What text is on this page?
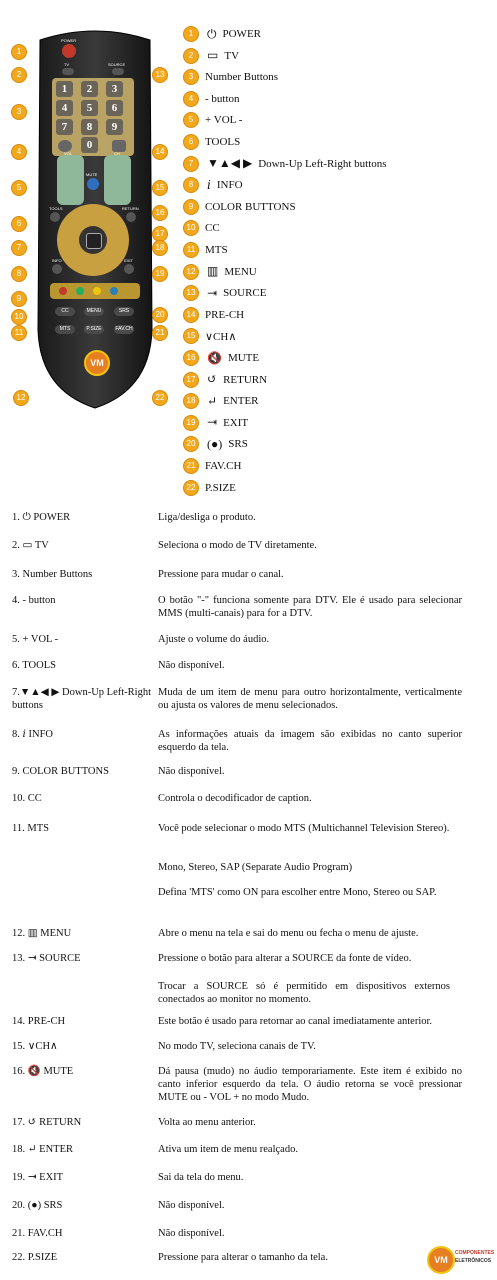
POWER
TV	SOURCE
1	2	3
4	5	6
7	8	9
0
MUTE
VOL	CH
TOOLS	RETURN
INFO	EXIT
CC	MENU	SRS
MTS	P.SIZE	FAV.CH
VM
1
2
3
4
5
6
7
8
9
10
11
12
13
14
15
16
17
18
19
20
21
22
1	⏻ POWER
2	▭ TV
3	Number Buttons
4	- button
5	+ VOL -
6	TOOLS
7	▼▲◀ ▶ Down-Up Left-Right buttons
8	𝑖 INFO
9	COLOR BUTTONS
10 CC
11 MTS
12 ▥ MENU
13 ⇥ SOURCE
14 PRE-CH
15 ∨CH∧
16 🔇 MUTE
17 ↺ RETURN
18 ↵ ENTER
19 ⇥ EXIT
20 (●) SRS
21 FAV.CH
22 P.SIZE
1. ⏻ POWER	Liga/desliga o produto.
2. ▭ TV	Seleciona o modo de TV diretamente.
3. Number Buttons	Pressione para mudar o canal.
4. - button	O botão "-" funciona somente para DTV. Ele é usado para selecionar MMS (multi-canais) para for a DTV.
5. + VOL -	Ajuste o volume do áudio.
6. TOOLS	Não disponível.
7.▼▲◀ ▶ Down-Up Left-Right buttons
Muda de um item de menu para outro horizontalmente, verticalmente ou ajusta os valores de menu selecionados.
8. 𝑖 INFO	As informações atuais da imagem são exibidas no canto superior esquerdo da tela.
9. COLOR BUTTONS	Não disponível.
10. CC	Controla o decodificador de caption.
11. MTS	Você pode selecionar o modo MTS (Multichannel Television Stereo).
12. ▥ MENU	Abre o menu na tela e sai do menu ou fecha o menu de ajuste.
13. ⇥ SOURCE	Pressione o botão para alterar a SOURCE da fonte de vídeo.
14. PRE-CH	Este botão é usado para retornar ao canal imediatamente anterior.
15. ∨CH∧	No modo TV, seleciona canais de TV.
16. 🔇 MUTE	Dá pausa (mudo) no áudio temporariamente. Este item é exibido no canto inferior esquerdo da tela. O áudio retorna se você pressionar MUTE ou - VOL + no modo Mudo.
17. ↺ RETURN	Volta ao menu anterior.
18. ↵ ENTER	Ativa um item de menu realçado.
19. ⇥ EXIT	Sai da tela do menu.
20. (●) SRS	Não disponível.
21. FAV.CH	Não disponível.
22. P.SIZE	Pressione para alterar o tamanho da tela.
Mono, Stereo, SAP (Separate Audio Program)
Defina 'MTS' como ON para escolher entre Mono, Stereo ou SAP.
Trocar a SOURCE só é permitido em dispositivos externos conectados ao monitor no momento.
VM
COMPONENTES
ELETRÔNICOS
